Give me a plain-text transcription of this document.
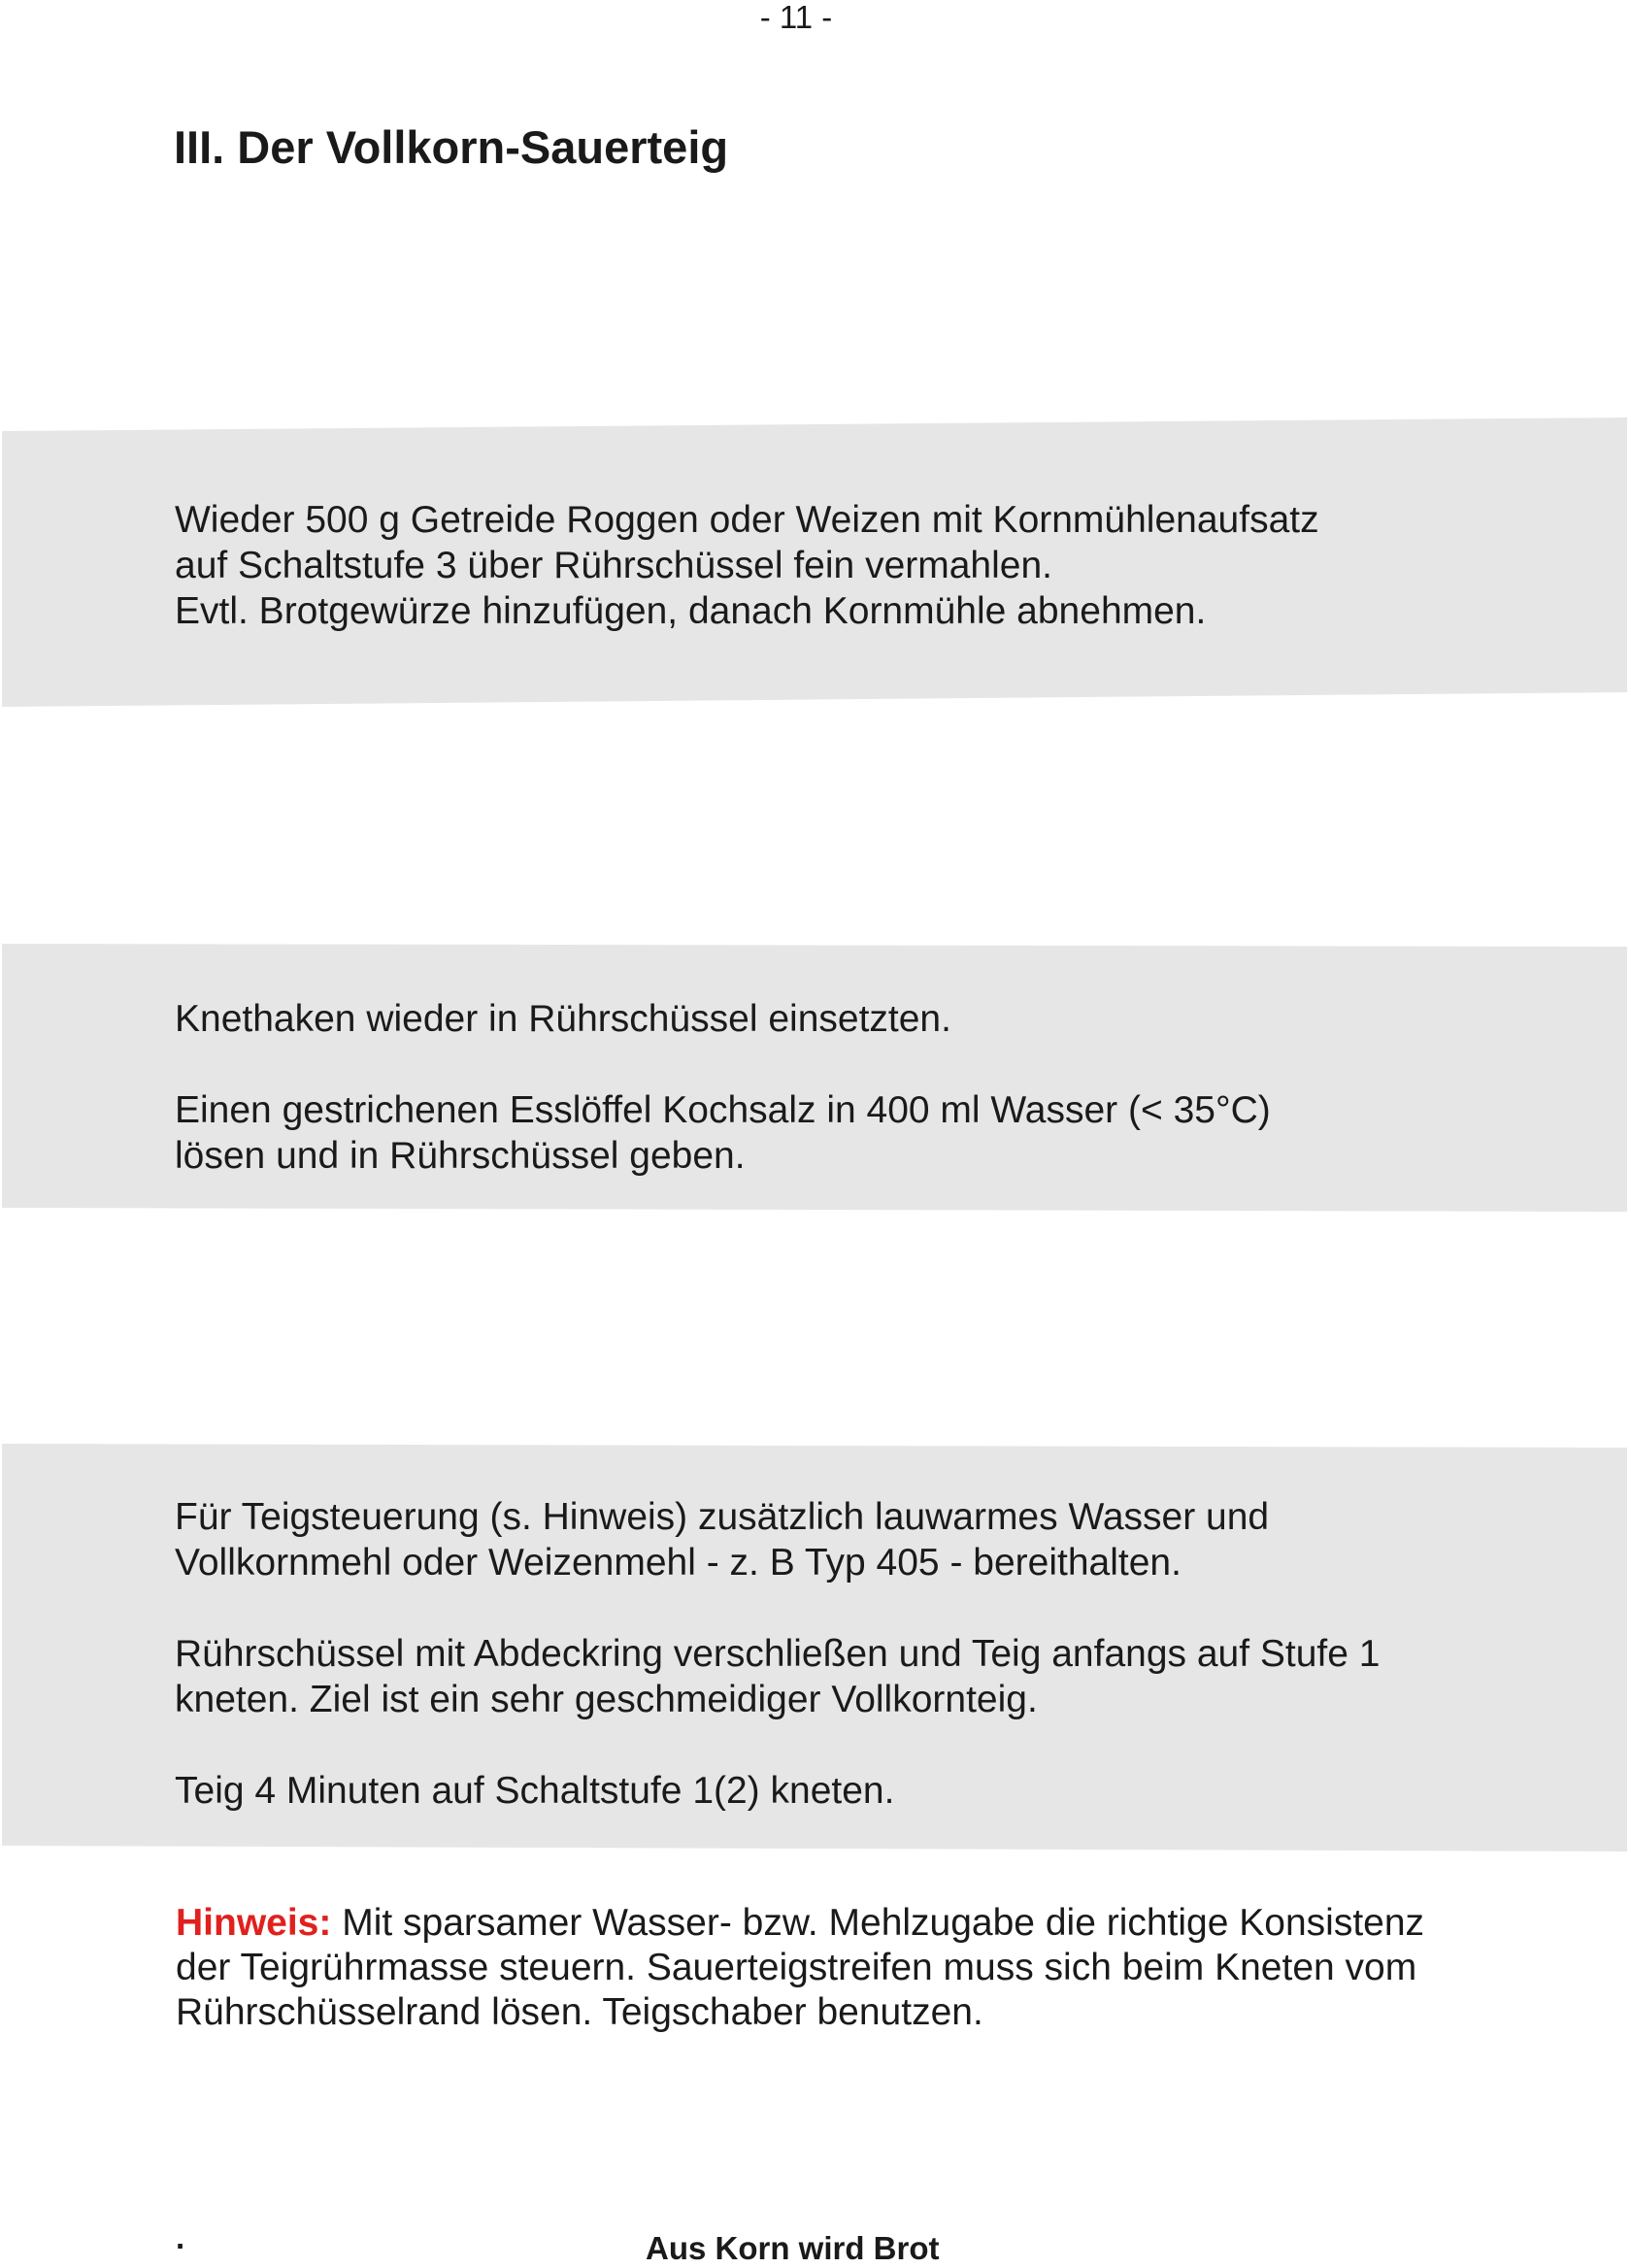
- 11 -
III. Der Vollkorn-Sauerteig

Wieder 500 g Getreide Roggen oder Weizen mit Kornmühlenaufsatz

auf Schaltstufe 3 über Rührschüssel fein vermahlen.

Evtl. Brotgewürze hinzufügen, danach Kornmühle abnehmen.

Knethaken wieder in Rührschüssel einsetzten.

Einen gestrichenen Esslöffel Kochsalz in 400 ml Wasser (< 35°C)

lösen und in Rührschüssel geben.

Für Teigsteuerung (s. Hinweis) zusätzlich lauwarmes Wasser und

Vollkornmehl oder Weizenmehl - z. B Typ 405 - bereithalten.

Rührschüssel mit Abdeckring verschließen und Teig anfangs auf Stufe 1

kneten. Ziel ist ein sehr geschmeidiger Vollkornteig.

Teig 4 Minuten auf Schaltstufe 1(2) kneten.

Hinweis: Mit sparsamer Wasser- bzw. Mehlzugabe die richtige Konsistenz

der Teigrührmasse steuern. Sauerteigstreifen muss sich beim Kneten vom

Rührschüsselrand lösen. Teigschaber benutzen.

.	Aus Korn wird Brot
